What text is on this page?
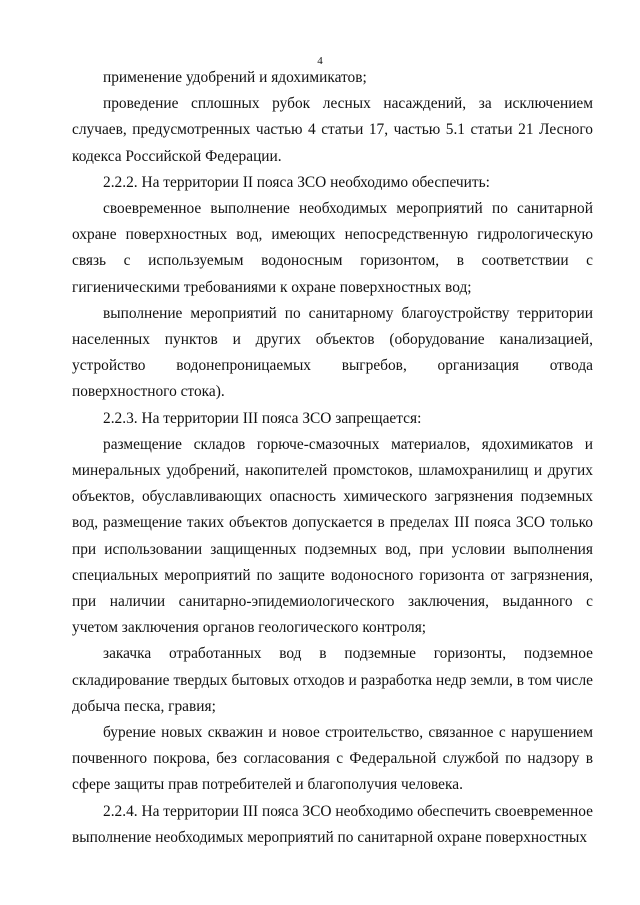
4

применение удобрений и ядохимикатов;

проведение сплошных рубок лесных насаждений, за исключением случаев, предусмотренных частью 4 статьи 17, частью 5.1 статьи 21 Лесного кодекса Российской Федерации.

2.2.2. На территории II пояса ЗСО необходимо обеспечить:

своевременное выполнение необходимых мероприятий по санитарной охране поверхностных вод, имеющих непосредственную гидрологическую связь с используемым водоносным горизонтом, в соответствии с гигиеническими требованиями к охране поверхностных вод;

выполнение мероприятий по санитарному благоустройству территории населенных пунктов и других объектов (оборудование канализацией, устройство водонепроницаемых выгребов, организация отвода поверхностного стока).

2.2.3. На территории III пояса ЗСО запрещается:

размещение складов горюче-смазочных материалов, ядохимикатов и минеральных удобрений, накопителей промстоков, шламохранилищ и других объектов, обуславливающих опасность химического загрязнения подземных вод, размещение таких объектов допускается в пределах III пояса ЗСО только при использовании защищенных подземных вод, при условии выполнения специальных мероприятий по защите водоносного горизонта от загрязнения, при наличии санитарно-эпидемиологического заключения, выданного с учетом заключения органов геологического контроля;

закачка отработанных вод в подземные горизонты, подземное складирование твердых бытовых отходов и разработка недр земли, в том числе добыча песка, гравия;

бурение новых скважин и новое строительство, связанное с нарушением почвенного покрова, без согласования с Федеральной службой по надзору в сфере защиты прав потребителей и благополучия человека.

2.2.4. На территории III пояса ЗСО необходимо обеспечить своевременное выполнение необходимых мероприятий по санитарной охране поверхностных
